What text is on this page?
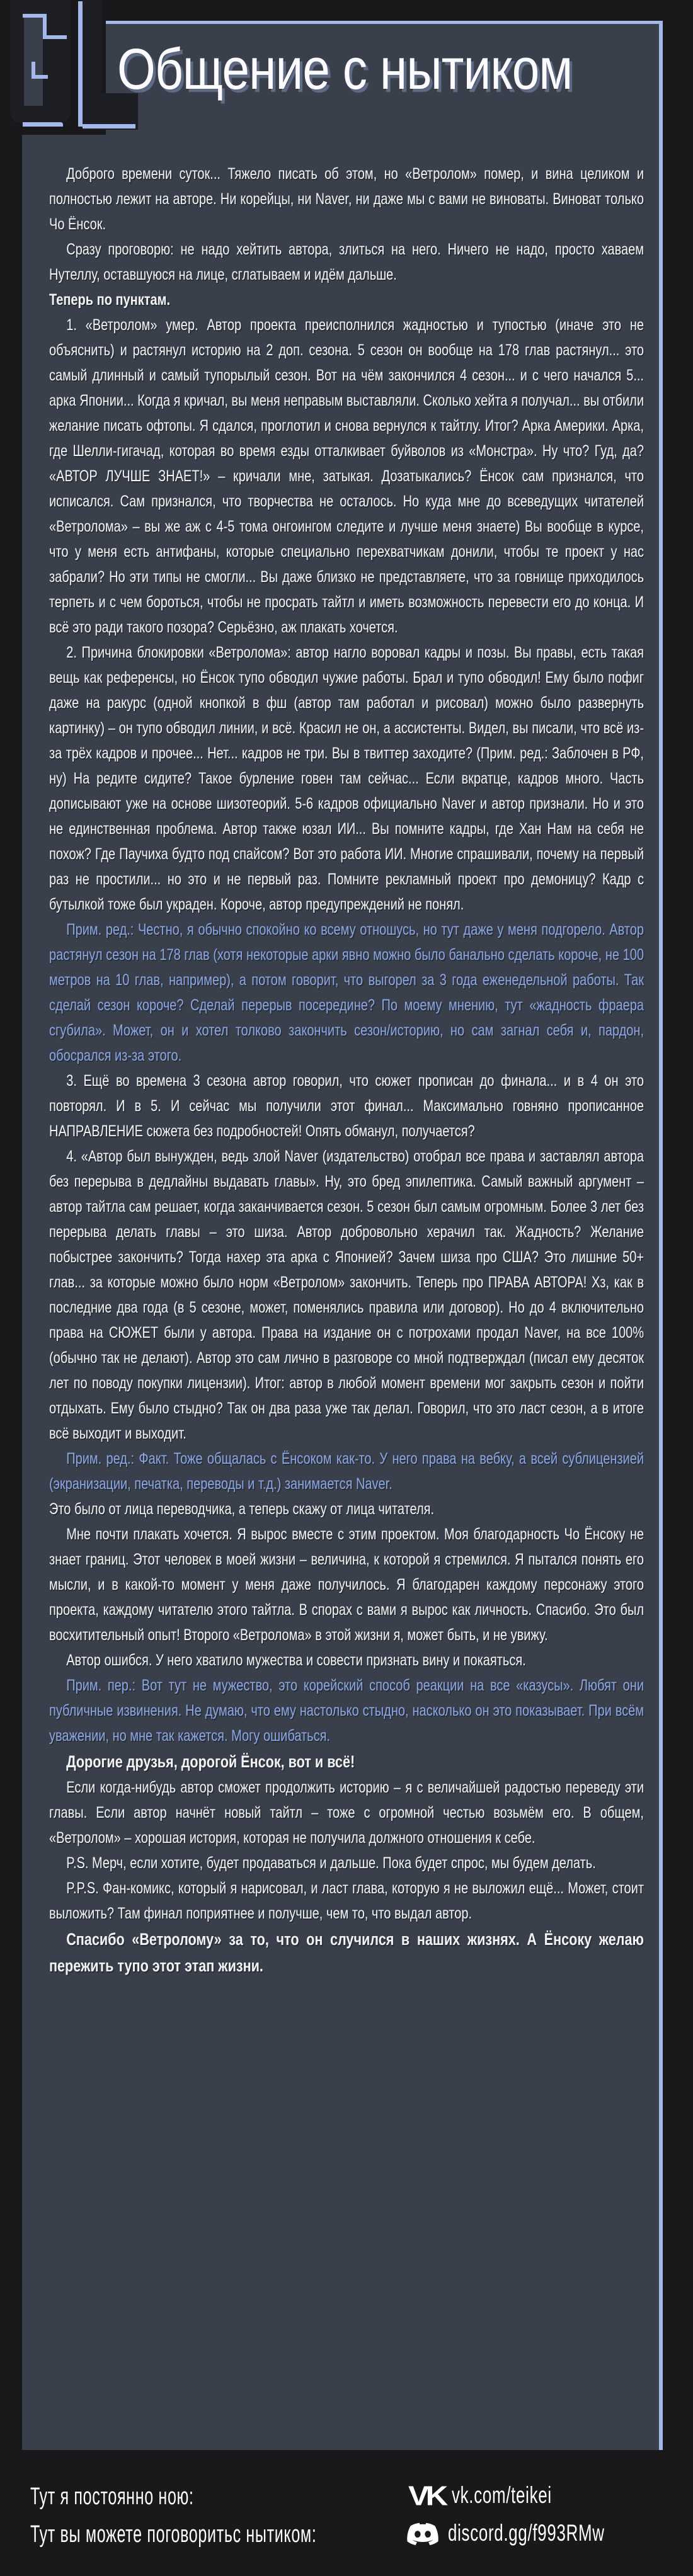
Общение с нытиком

Доброго времени суток... Тяжело писать об этом, но «Ветролом» помер, и вина целиком и полностью лежит на авторе. Ни корейцы, ни Naver, ни даже мы с вами не виноваты. Виноват только Чо Ёнсок.

Сразу проговорю: не надо хейтить автора, злиться на него. Ничего не надо, просто хаваем Нутеллу, оставшуюся на лице, сглатываем и идём дальше.

Теперь по пунктам.

1. «Ветролом» умер. Автор проекта преисполнился жадностью и тупостью (иначе это не объяснить) и растянул историю на 2 доп. сезона. 5 сезон он вообще на 178 глав растянул... это самый длинный и самый тупорылый сезон. Вот на чём закончился 4 сезон... и с чего начался 5... арка Японии... Когда я кричал, вы меня неправым выставляли. Сколько хейта я получал... вы отбили желание писать офтопы. Я сдался, проглотил и снова вернулся к тайтлу. Итог? Арка Америки. Арка, где Шелли-гигачад, которая во время езды отталкивает буйволов из «Монстра». Ну что? Гуд, да? «АВТОР ЛУЧШЕ ЗНАЕТ!» – кричали мне, затыкая. Дозатыкались? Ёнсок сам признался, что исписался. Сам признался, что творчества не осталось. Но куда мне до всеведущих читателей «Ветролома» – вы же аж с 4-5 тома онгоингом следите и лучше меня знаете) Вы вообще в курсе, что у меня есть антифаны, которые специально перехватчикам донили, чтобы те проект у нас забрали? Но эти типы не смогли... Вы даже близко не представляете, что за говнище приходилось терпеть и с чем бороться, чтобы не просрать тайтл и иметь возможность перевести его до конца. И всё это ради такого позора? Серьёзно, аж плакать хочется.

2. Причина блокировки «Ветролома»: автор нагло воровал кадры и позы. Вы правы, есть такая вещь как референсы, но Ёнсок тупо обводил чужие работы. Брал и тупо обводил! Ему было пофиг даже на ракурс (одной кнопкой в фш (автор там работал и рисовал) можно было развернуть картинку) – он тупо обводил линии, и всё. Красил не он, а ассистенты. Видел, вы писали, что всё из-за трёх кадров и прочее... Нет... кадров не три. Вы в твиттер заходите? (Прим. ред.: Заблочен в РФ, ну) На редите сидите? Такое бурление говен там сейчас... Если вкратце, кадров много. Часть дописывают уже на основе шизотеорий. 5-6 кадров официально Naver и автор признали. Но и это не единственная проблема. Автор также юзал ИИ... Вы помните кадры, где Хан Нам на себя не похож? Где Паучиха будто под спайсом? Вот это работа ИИ. Многие спрашивали, почему на первый раз не простили... но это и не первый раз. Помните рекламный проект про демоницу? Кадр с бутылкой тоже был украден. Короче, автор предупреждений не понял.

Прим. ред.: Честно, я обычно спокойно ко всему отношусь, но тут даже у меня подгорело. Автор растянул сезон на 178 глав (хотя некоторые арки явно можно было банально сделать короче, не 100 метров на 10 глав, например), а потом говорит, что выгорел за 3 года еженедельной работы. Так сделай сезон короче? Сделай перерыв посередине? По моему мнению, тут «жадность фраера сгубила». Может, он и хотел толково закончить сезон/историю, но сам загнал себя и, пардон, обосрался из-за этого.

3. Ещё во времена 3 сезона автор говорил, что сюжет прописан до финала... и в 4 он это повторял. И в 5. И сейчас мы получили этот финал... Максимально говняно прописанное НАПРАВЛЕНИЕ сюжета без подробностей! Опять обманул, получается?

4. «Автор был вынужден, ведь злой Naver (издательство) отобрал все права и заставлял автора без перерыва в дедлайны выдавать главы». Ну, это бред эпилептика. Самый важный аргумент – автор тайтла сам решает, когда заканчивается сезон. 5 сезон был самым огромным. Более 3 лет без перерыва делать главы – это шиза. Автор добровольно херачил так. Жадность? Желание побыстрее закончить? Тогда нахер эта арка с Японией? Зачем шиза про США? Это лишние 50+ глав... за которые можно было норм «Ветролом» закончить. Теперь про ПРАВА АВТОРА! Хз, как в последние два года (в 5 сезоне, может, поменялись правила или договор). Но до 4 включительно права на СЮЖЕТ были у автора. Права на издание он с потрохами продал Naver, на все 100% (обычно так не делают). Автор это сам лично в разговоре со мной подтверждал (писал ему десяток лет по поводу покупки лицензии). Итог: автор в любой момент времени мог закрыть сезон и пойти отдыхать. Ему было стыдно? Так он два раза уже так делал. Говорил, что это ласт сезон, а в итоге всё выходит и выходит.

Прим. ред.: Факт. Тоже общалась с Ёнсоком как-то. У него права на вебку, а всей сублицензией (экранизации, печатка, переводы и т.д.) занимается Naver.

Это было от лица переводчика, а теперь скажу от лица читателя.

Мне почти плакать хочется. Я вырос вместе с этим проектом. Моя благодарность Чо Ёнсоку не знает границ. Этот человек в моей жизни – величина, к которой я стремился. Я пытался понять его мысли, и в какой-то момент у меня даже получилось. Я благодарен каждому персонажу этого проекта, каждому читателю этого тайтла. В спорах с вами я вырос как личность. Спасибо. Это был восхитительный опыт! Второго «Ветролома» в этой жизни я, может быть, и не увижу.

Автор ошибся. У него хватило мужества и совести признать вину и покаяться.

Прим. пер.: Вот тут не мужество, это корейский способ реакции на все «казусы». Любят они публичные извинения. Не думаю, что ему настолько стыдно, насколько он это показывает. При всём уважении, но мне так кажется. Могу ошибаться.

Дорогие друзья, дорогой Ёнсок, вот и всё!

Если когда-нибудь автор сможет продолжить историю – я с величайшей радостью переведу эти главы. Если автор начнёт новый тайтл – тоже с огромной честью возьмём его. В общем, «Ветролом» – хорошая история, которая не получила должного отношения к себе.

P.S. Мерч, если хотите, будет продаваться и дальше. Пока будет спрос, мы будем делать.

P.P.S. Фан-комикс, который я нарисовал, и ласт глава, которую я не выложил ещё... Может, стоит выложить? Там финал поприятнее и получше, чем то, что выдал автор.

Спасибо «Ветролому» за то, что он случился в наших жизнях. А Ёнсоку желаю пережить тупо этот этап жизни.

Тут я постоянно ною:	VK vk.com/teikei
Тут вы можете поговоритьс нытиком:	discord.gg/f993RMw
